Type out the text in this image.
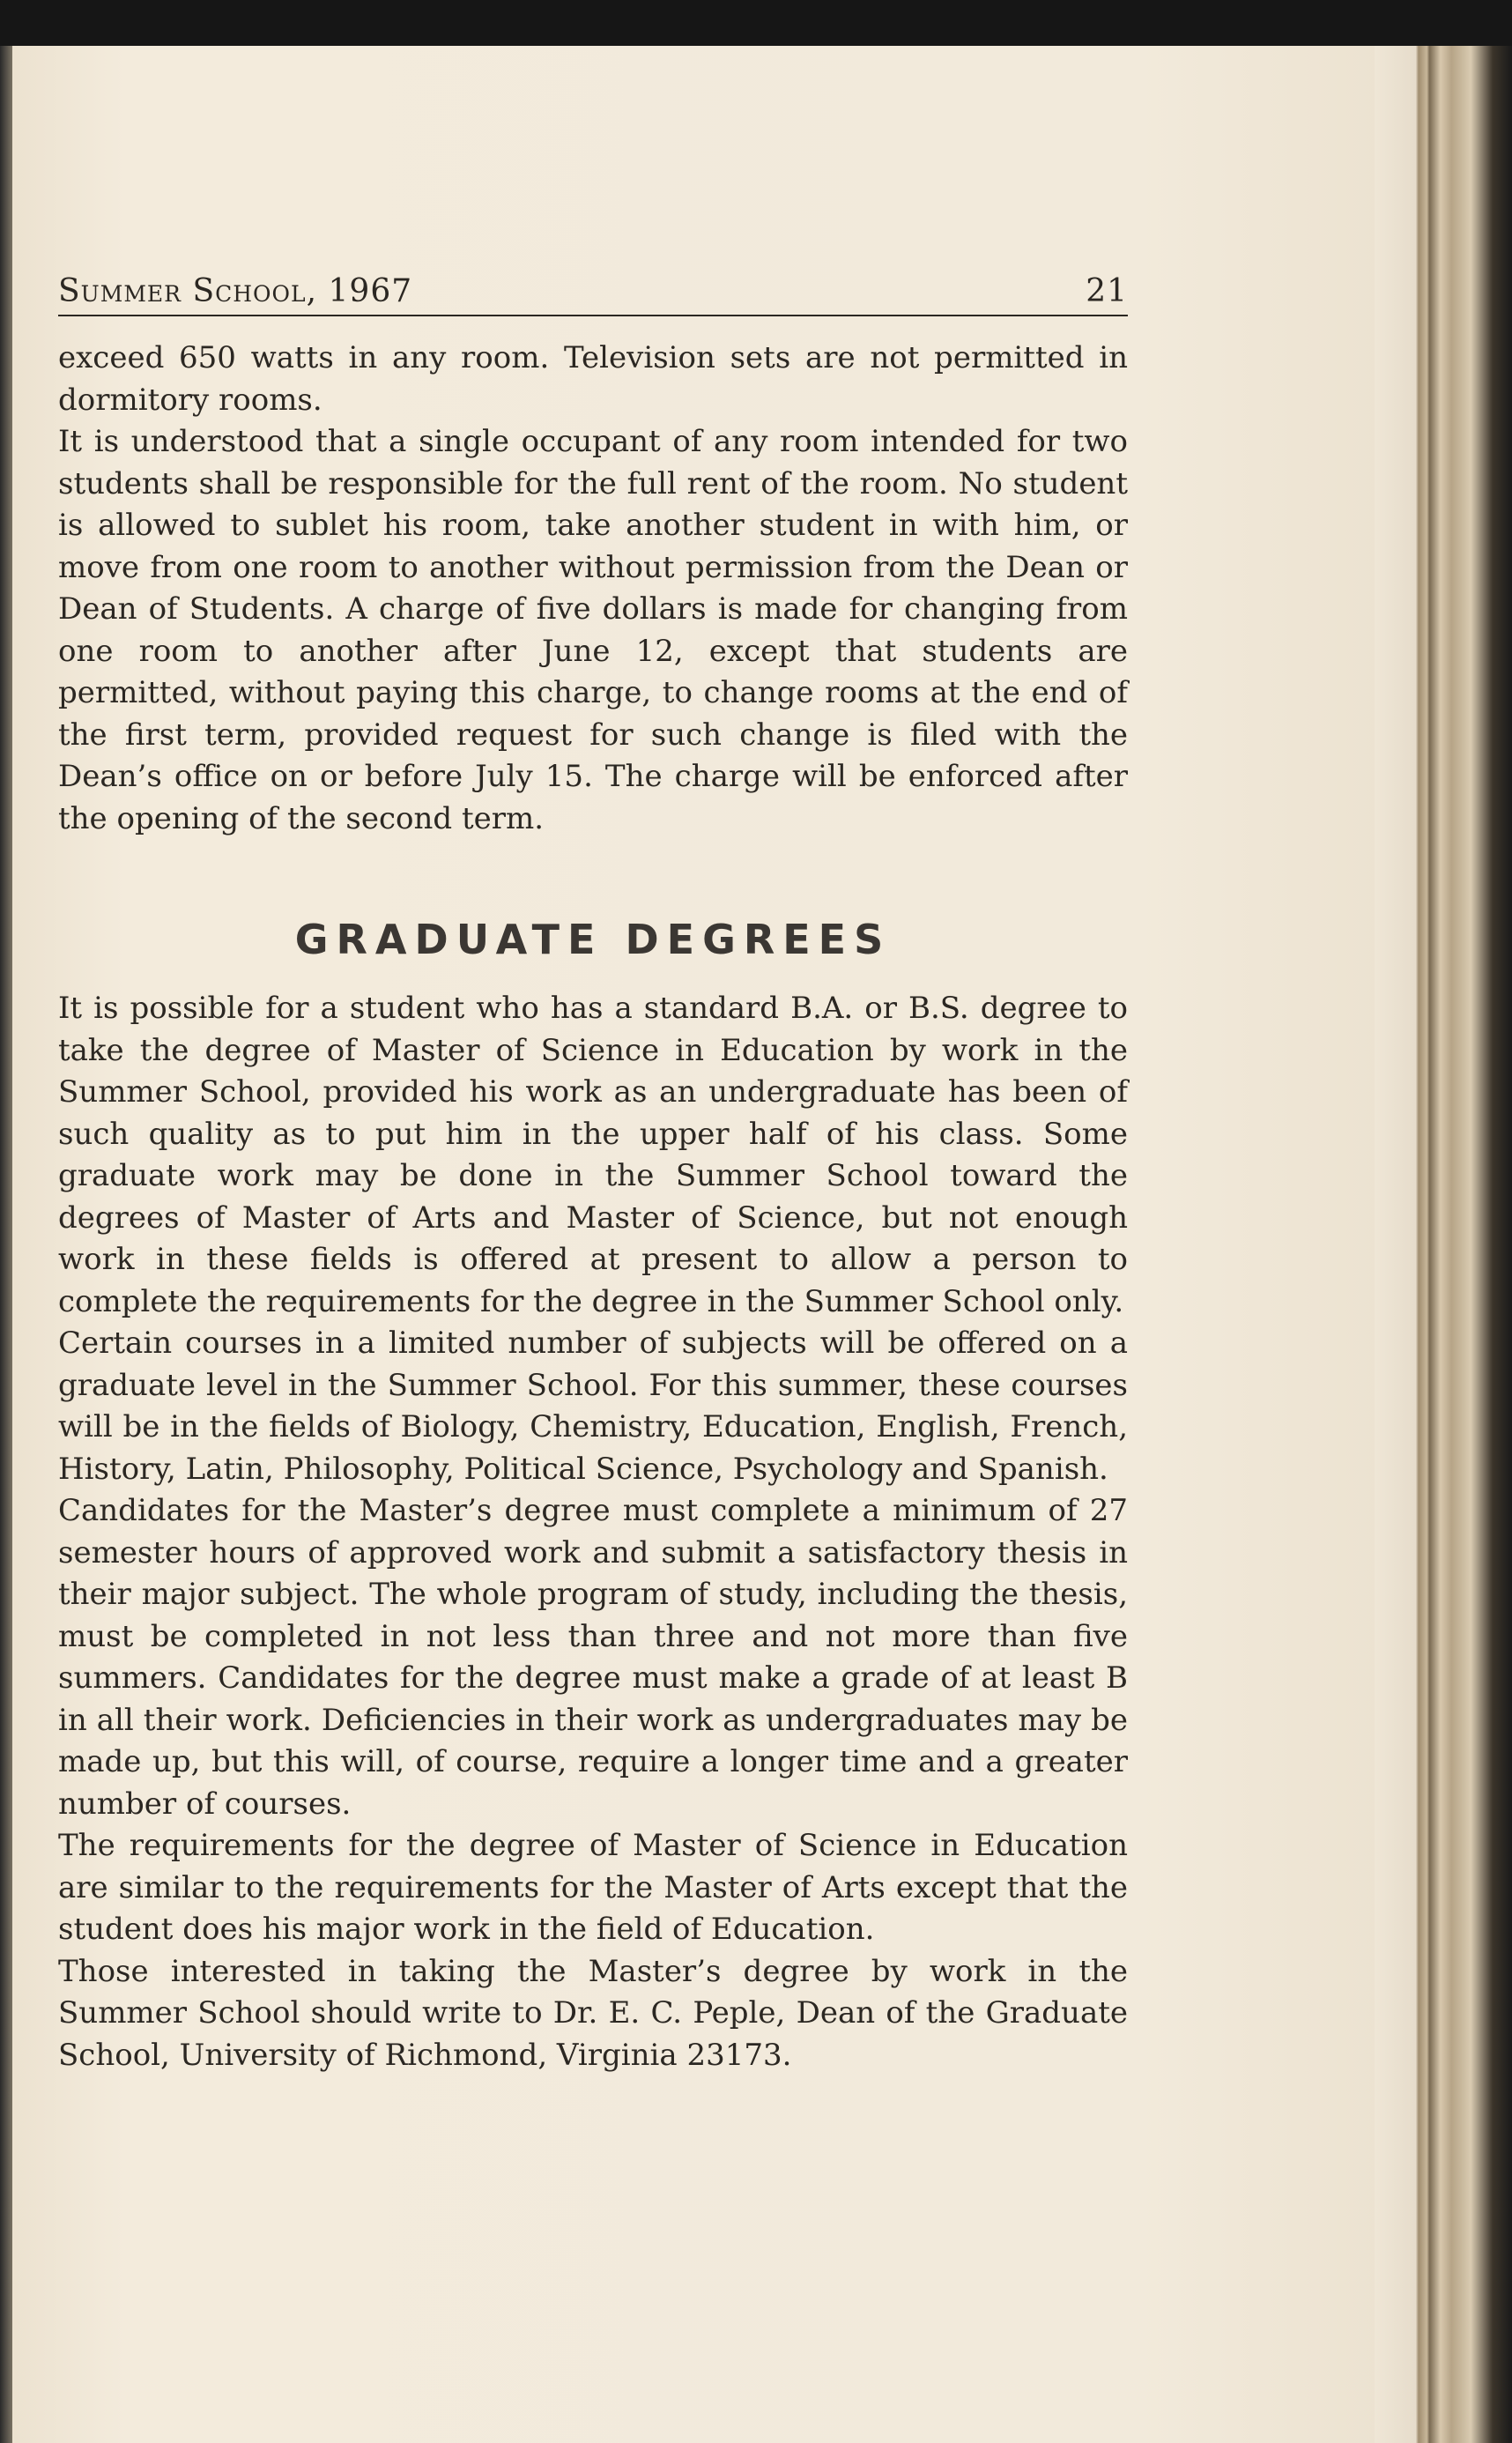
Summer School, 1967	21

exceed 650 watts in any room. Television sets are not permitted in dormitory rooms.

It is understood that a single occupant of any room intended for two students shall be responsible for the full rent of the room. No student is allowed to sublet his room, take another student in with him, or move from one room to another without permission from the Dean or Dean of Students. A charge of five dollars is made for changing from one room to another after June 12, except that students are permitted, without paying this charge, to change rooms at the end of the first term, provided request for such change is filed with the Dean’s office on or before July 15. The charge will be enforced after the opening of the second term.

GRADUATE DEGREES

It is possible for a student who has a standard B.A. or B.S. degree to take the degree of Master of Science in Education by work in the Summer School, provided his work as an undergraduate has been of such quality as to put him in the upper half of his class. Some graduate work may be done in the Summer School toward the degrees of Master of Arts and Master of Science, but not enough work in these fields is offered at present to allow a person to complete the requirements for the degree in the Summer School only.

Certain courses in a limited number of subjects will be offered on a graduate level in the Summer School. For this summer, these courses will be in the fields of Biology, Chemistry, Education, English, French, History, Latin, Philosophy, Political Science, Psychology and Spanish.

Candidates for the Master’s degree must complete a minimum of 27 semester hours of approved work and submit a satisfactory thesis in their major subject. The whole program of study, including the thesis, must be completed in not less than three and not more than five summers. Candidates for the degree must make a grade of at least B in all their work. Deficiencies in their work as undergraduates may be made up, but this will, of course, require a longer time and a greater number of courses.

The requirements for the degree of Master of Science in Education are similar to the requirements for the Master of Arts except that the student does his major work in the field of Education.

Those interested in taking the Master’s degree by work in the Summer School should write to Dr. E. C. Peple, Dean of the Graduate School, University of Richmond, Virginia 23173.
